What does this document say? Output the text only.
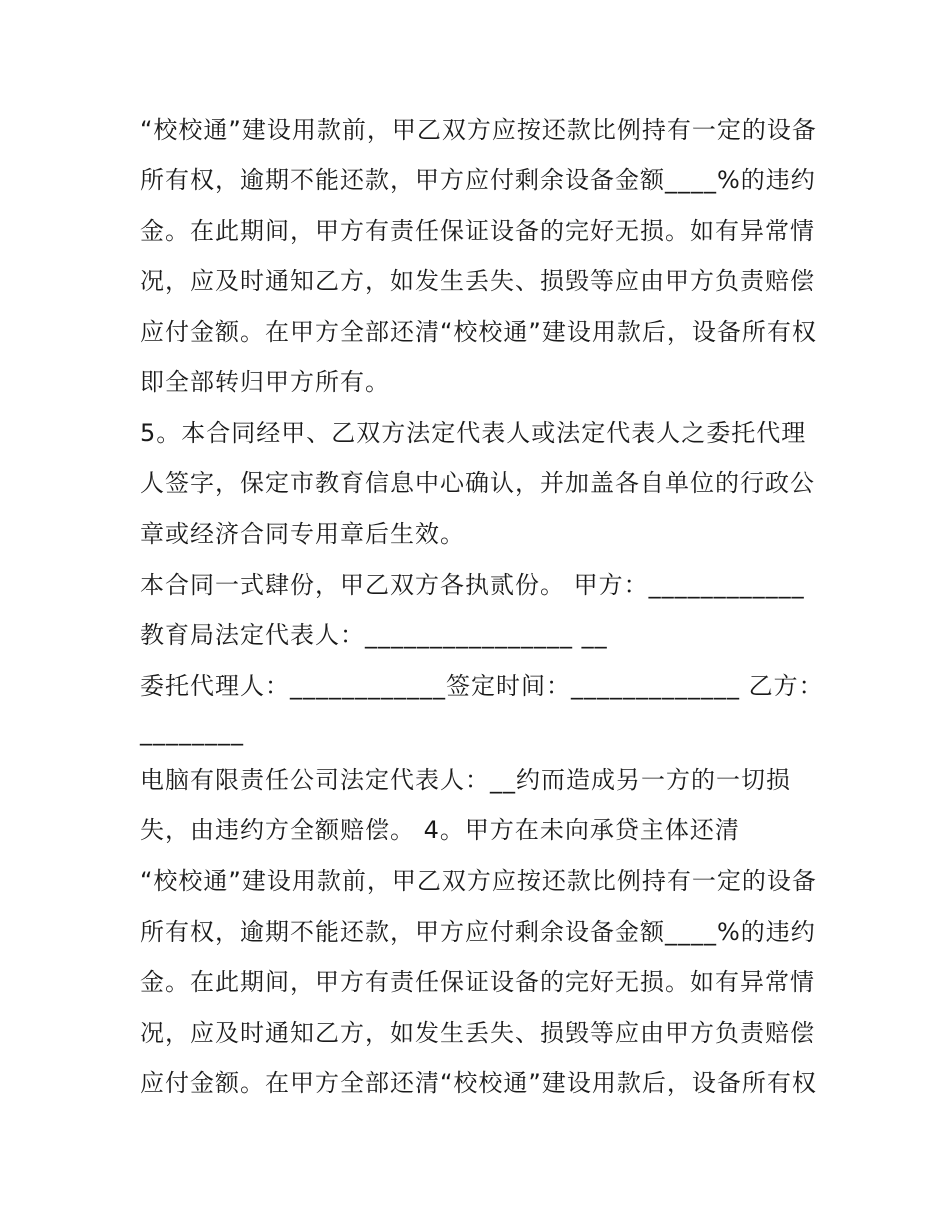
“校校通”建设用款前，甲乙双方应按还款比例持有一定的设备
所有权，逾期不能还款，甲方应付剩余设备金额____%的违约
金。在此期间，甲方有责任保证设备的完好无损。如有异常情
况，应及时通知乙方，如发生丢失、损毁等应由甲方负责赔偿
应付金额。在甲方全部还清“校校通”建设用款后，设备所有权
即全部转归甲方所有。
5。本合同经甲、乙双方法定代表人或法定代表人之委托代理
人签字，保定市教育信息中心确认，并加盖各自单位的行政公
章或经济合同专用章后生效。
本合同一式肆份，甲乙双方各执贰份。 甲方：____________
教育局法定代表人：________________ __
委托代理人：____________签定时间：_____________ 乙方：
________
电脑有限责任公司法定代表人：__约而造成另一方的一切损
失，由违约方全额赔偿。 4。甲方在未向承贷主体还清
“校校通”建设用款前，甲乙双方应按还款比例持有一定的设备
所有权，逾期不能还款，甲方应付剩余设备金额____%的违约
金。在此期间，甲方有责任保证设备的完好无损。如有异常情
况，应及时通知乙方，如发生丢失、损毁等应由甲方负责赔偿
应付金额。在甲方全部还清“校校通”建设用款后，设备所有权
